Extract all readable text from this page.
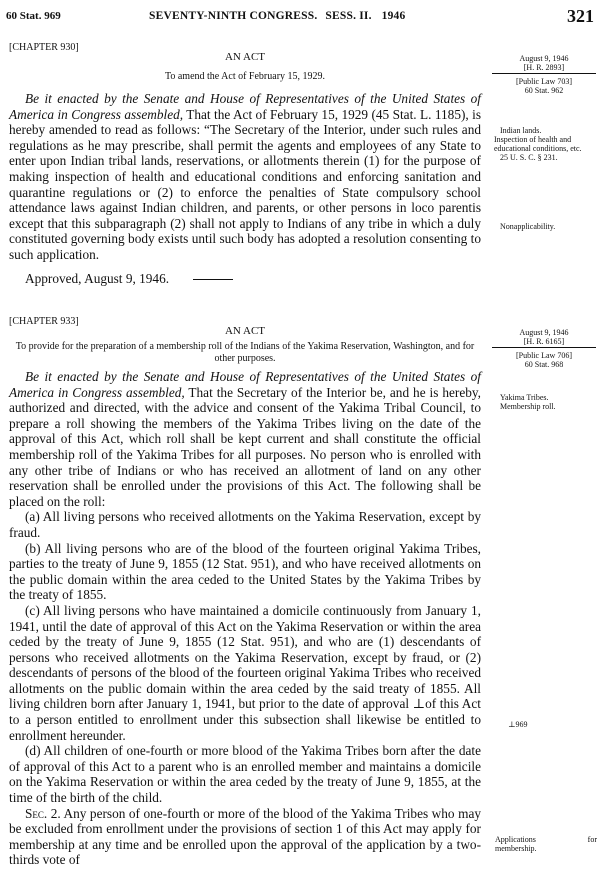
60 Stat. 969	SEVENTY-NINTH CONGRESS. SESS. II. 1946	321
[CHAPTER 930]
AN ACT
To amend the Act of February 15, 1929.

Be it enacted by the Senate and House of Representatives of the United States of America in Congress assembled, That the Act of February 15, 1929 (45 Stat. L. 1185), is hereby amended to read as follows: “The Secretary of the Interior, under such rules and regulations as he may prescribe, shall permit the agents and employees of any State to enter upon Indian tribal lands, reservations, or allotments therein (1) for the purpose of making inspection of health and educational conditions and enforcing sanitation and quarantine regulations or (2) to enforce the penalties of State compulsory school attendance laws against Indian children, and parents, or other persons in loco parentis except that this subparagraph (2) shall not apply to Indians of any tribe in which a duly constituted governing body exists until such body has adopted a resolution consenting to such application.

Approved, August 9, 1946.
August 9, 1946
[H. R. 2893]
[Public Law 703]
60 Stat. 962
Indian lands.
Inspection of health and educational conditions, etc.
25 U. S. C. § 231.
Nonapplicability.
[CHAPTER 933]
AN ACT
To provide for the preparation of a membership roll of the Indians of the Yakima Reservation, Washington, and for other purposes.

Be it enacted by the Senate and House of Representatives of the United States of America in Congress assembled, That the Secretary of the Interior be, and he is hereby, authorized and directed, with the advice and consent of the Yakima Tribal Council, to prepare a roll showing the members of the Yakima Tribes living on the date of the approval of this Act, which roll shall be kept current and shall constitute the official membership roll of the Yakima Tribes for all purposes. No person who is enrolled with any other tribe of Indians or who has received an allotment of land on any other reservation shall be enrolled under the provisions of this Act. The following shall be placed on the roll:

(a) All living persons who received allotments on the Yakima Reservation, except by fraud.

(b) All living persons who are of the blood of the fourteen original Yakima Tribes, parties to the treaty of June 9, 1855 (12 Stat. 951), and who have received allotments on the public domain within the area ceded to the United States by the Yakima Tribes by the treaty of 1855.

(c) All living persons who have maintained a domicile continuously from January 1, 1941, until the date of approval of this Act on the Yakima Reservation or within the area ceded by the treaty of June 9, 1855 (12 Stat. 951), and who are (1) descendants of persons who received allotments on the Yakima Reservation, except by fraud, or (2) descendants of persons of the blood of the fourteen original Yakima Tribes who received allotments on the public domain within the area ceded by the said treaty of 1855. All living children born after January 1, 1941, but prior to the date of approval ⊥of this Act to a person entitled to enrollment under this subsection shall likewise be entitled to enrollment hereunder.

(d) All children of one-fourth or more blood of the Yakima Tribes born after the date of approval of this Act to a parent who is an enrolled member and maintains a domicile on the Yakima Reservation or within the area ceded by the treaty of June 9, 1855, at the time of the birth of the child.

Sec. 2. Any person of one-fourth or more of the blood of the Yakima Tribes who may be excluded from enrollment under the provisions of section 1 of this Act may apply for membership at any time and be enrolled upon the approval of the application by a two-thirds vote of

August 9, 1946
[H. R. 6165]
[Public Law 706]
60 Stat. 968
Yakima Tribes.
Membership roll.
⊥969
Applications	for
membership.
